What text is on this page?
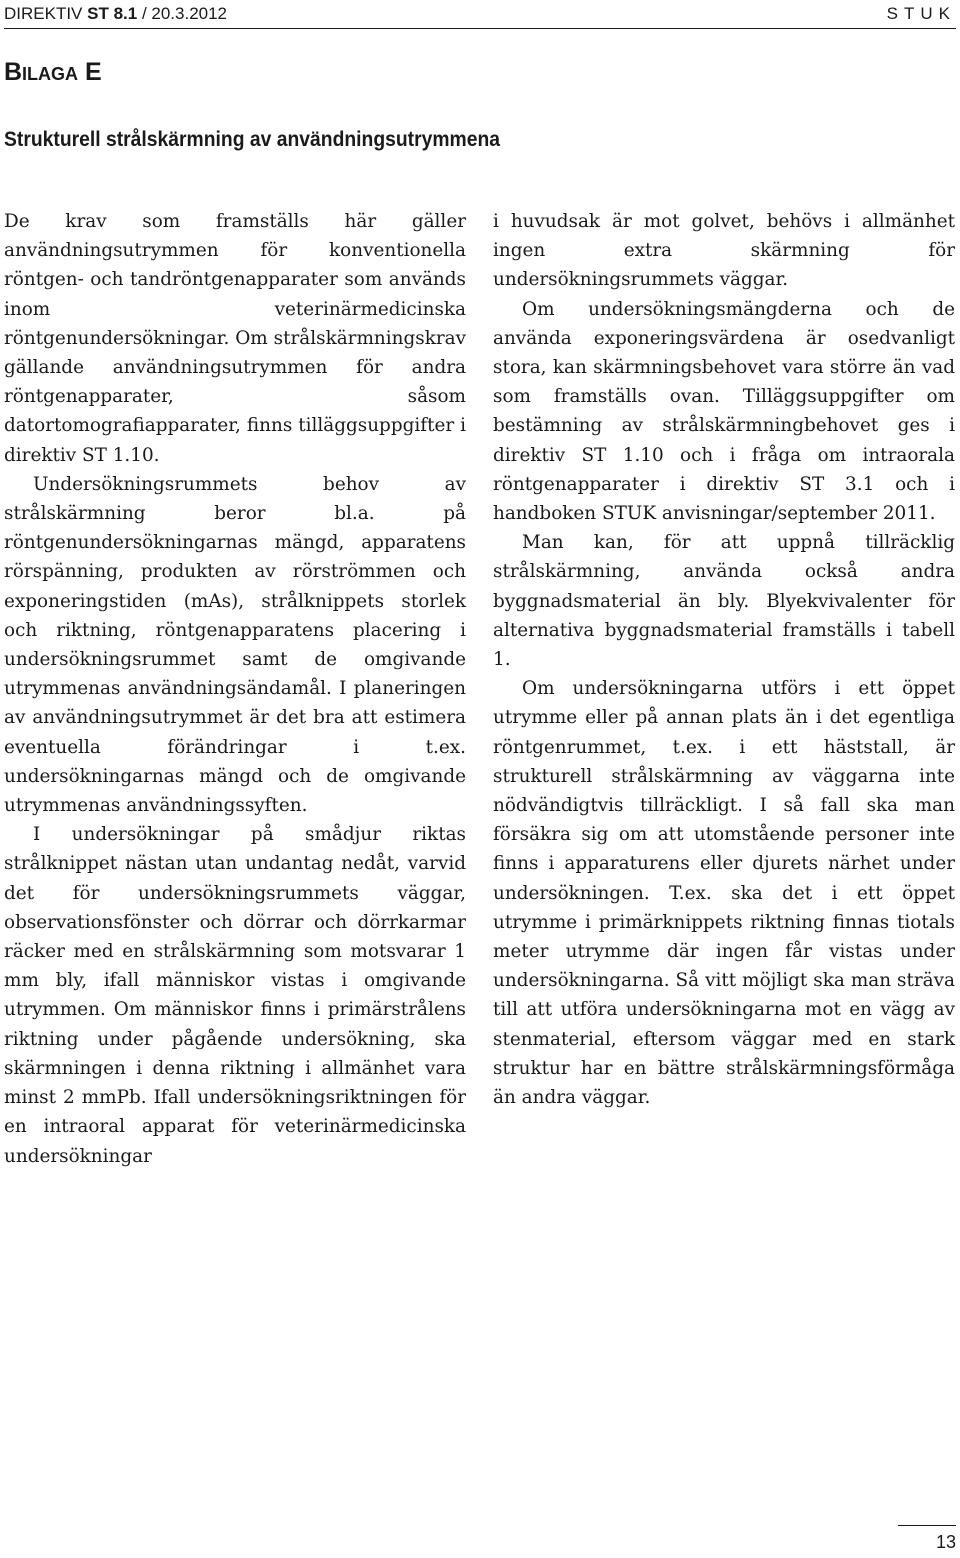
DIREKTIV ST 8.1 / 20.3.2012	STUK
Bilaga E
Strukturell strålskärmning av användningsutrymmena

De krav som framställs här gäller användningsutrymmen för konventionella röntgen- och tandröntgenapparater som används inom veterinärmedicinska röntgenundersökningar. Om strålskärmningskrav gällande användningsutrymmen för andra röntgenapparater, såsom datortomografiapparater, finns tilläggsuppgifter i direktiv ST 1.10.

Undersökningsrummets behov av strålskärmning beror bl.a. på röntgenundersökningarnas mängd, apparatens rörspänning, produkten av rörströmmen och exponeringstiden (mAs), strålknippets storlek och riktning, röntgenapparatens placering i undersökningsrummet samt de omgivande utrymmenas användningsändamål. I planeringen av användningsutrymmet är det bra att estimera eventuella förändringar i t.ex. undersökningarnas mängd och de omgivande utrymmenas användningssyften.

I undersökningar på smådjur riktas strålknippet nästan utan undantag nedåt, varvid det för undersökningsrummets väggar, observationsfönster och dörrar och dörrkarmar räcker med en strålskärmning som motsvarar 1 mm bly, ifall människor vistas i omgivande utrymmen. Om människor finns i primärstrålens riktning under pågående undersökning, ska skärmningen i denna riktning i allmänhet vara minst 2 mmPb. Ifall undersökningsriktningen för en intraoral apparat för veterinärmedicinska undersökningar

i huvudsak är mot golvet, behövs i allmänhet ingen extra skärmning för undersökningsrummets väggar.

Om undersökningsmängderna och de använda exponeringsvärdena är osedvanligt stora, kan skärmningsbehovet vara större än vad som framställs ovan. Tilläggsuppgifter om bestämning av strålskärmningbehovet ges i direktiv ST 1.10 och i fråga om intraorala röntgenapparater i direktiv ST 3.1 och i handboken STUK anvisningar/september 2011.

Man kan, för att uppnå tillräcklig strålskärmning, använda också andra byggnadsmaterial än bly. Blyekvivalenter för alternativa byggnadsmaterial framställs i tabell 1.

Om undersökningarna utförs i ett öppet utrymme eller på annan plats än i det egentliga röntgenrummet, t.ex. i ett häststall, är strukturell strålskärmning av väggarna inte nödvändigtvis tillräckligt. I så fall ska man försäkra sig om att utomstående personer inte finns i apparaturens eller djurets närhet under undersökningen. T.ex. ska det i ett öppet utrymme i primärknippets riktning finnas tiotals meter utrymme där ingen får vistas under undersökningarna. Så vitt möjligt ska man sträva till att utföra undersökningarna mot en vägg av stenmaterial, eftersom väggar med en stark struktur har en bättre strålskärmningsförmåga än andra väggar.

13
